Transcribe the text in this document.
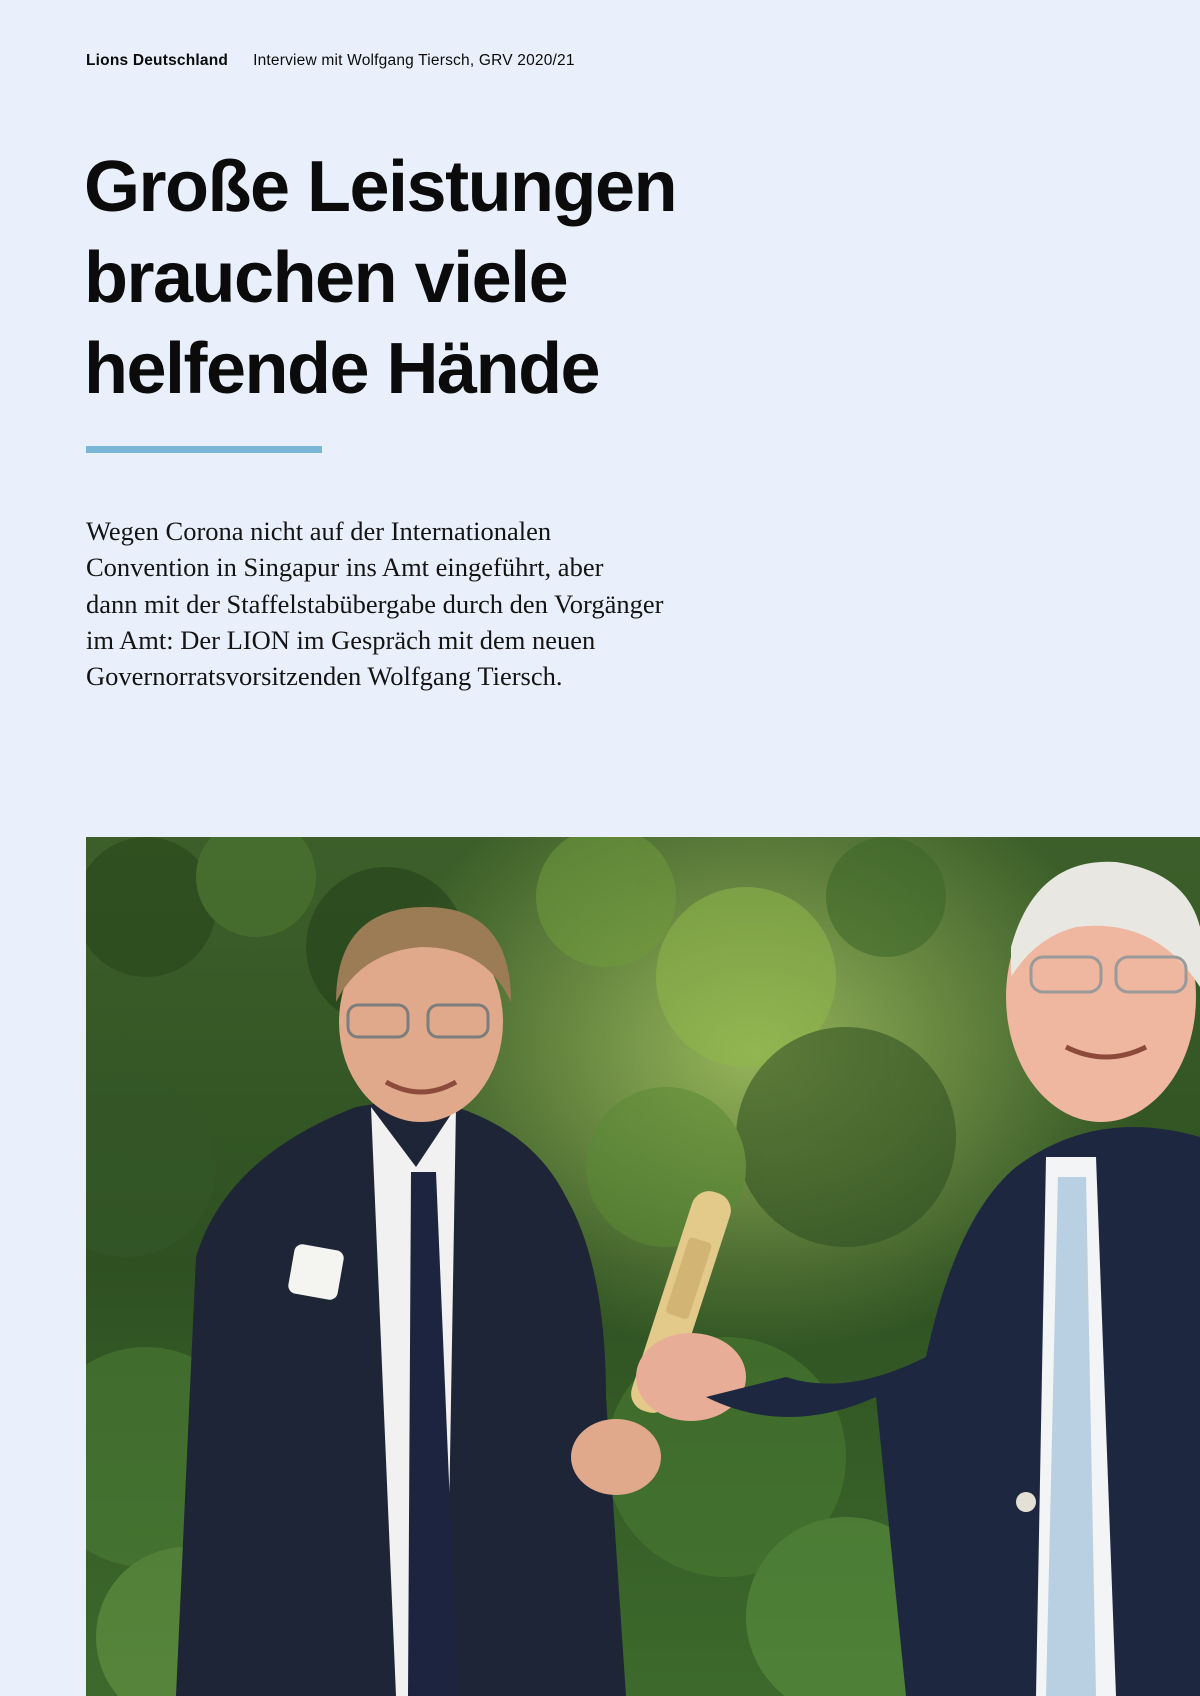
Lions Deutschland Interview mit Wolfgang Tiersch, GRV 2020/21
Große Leistungen
brauchen viele
helfende Hände

Wegen Corona nicht auf der Internationalen
Convention in Singapur ins Amt eingeführt, aber
dann mit der Staffelstabübergabe durch den Vorgänger
im Amt: Der LION im Gespräch mit dem neuen
Governorratsvorsitzenden Wolfgang Tiersch.
